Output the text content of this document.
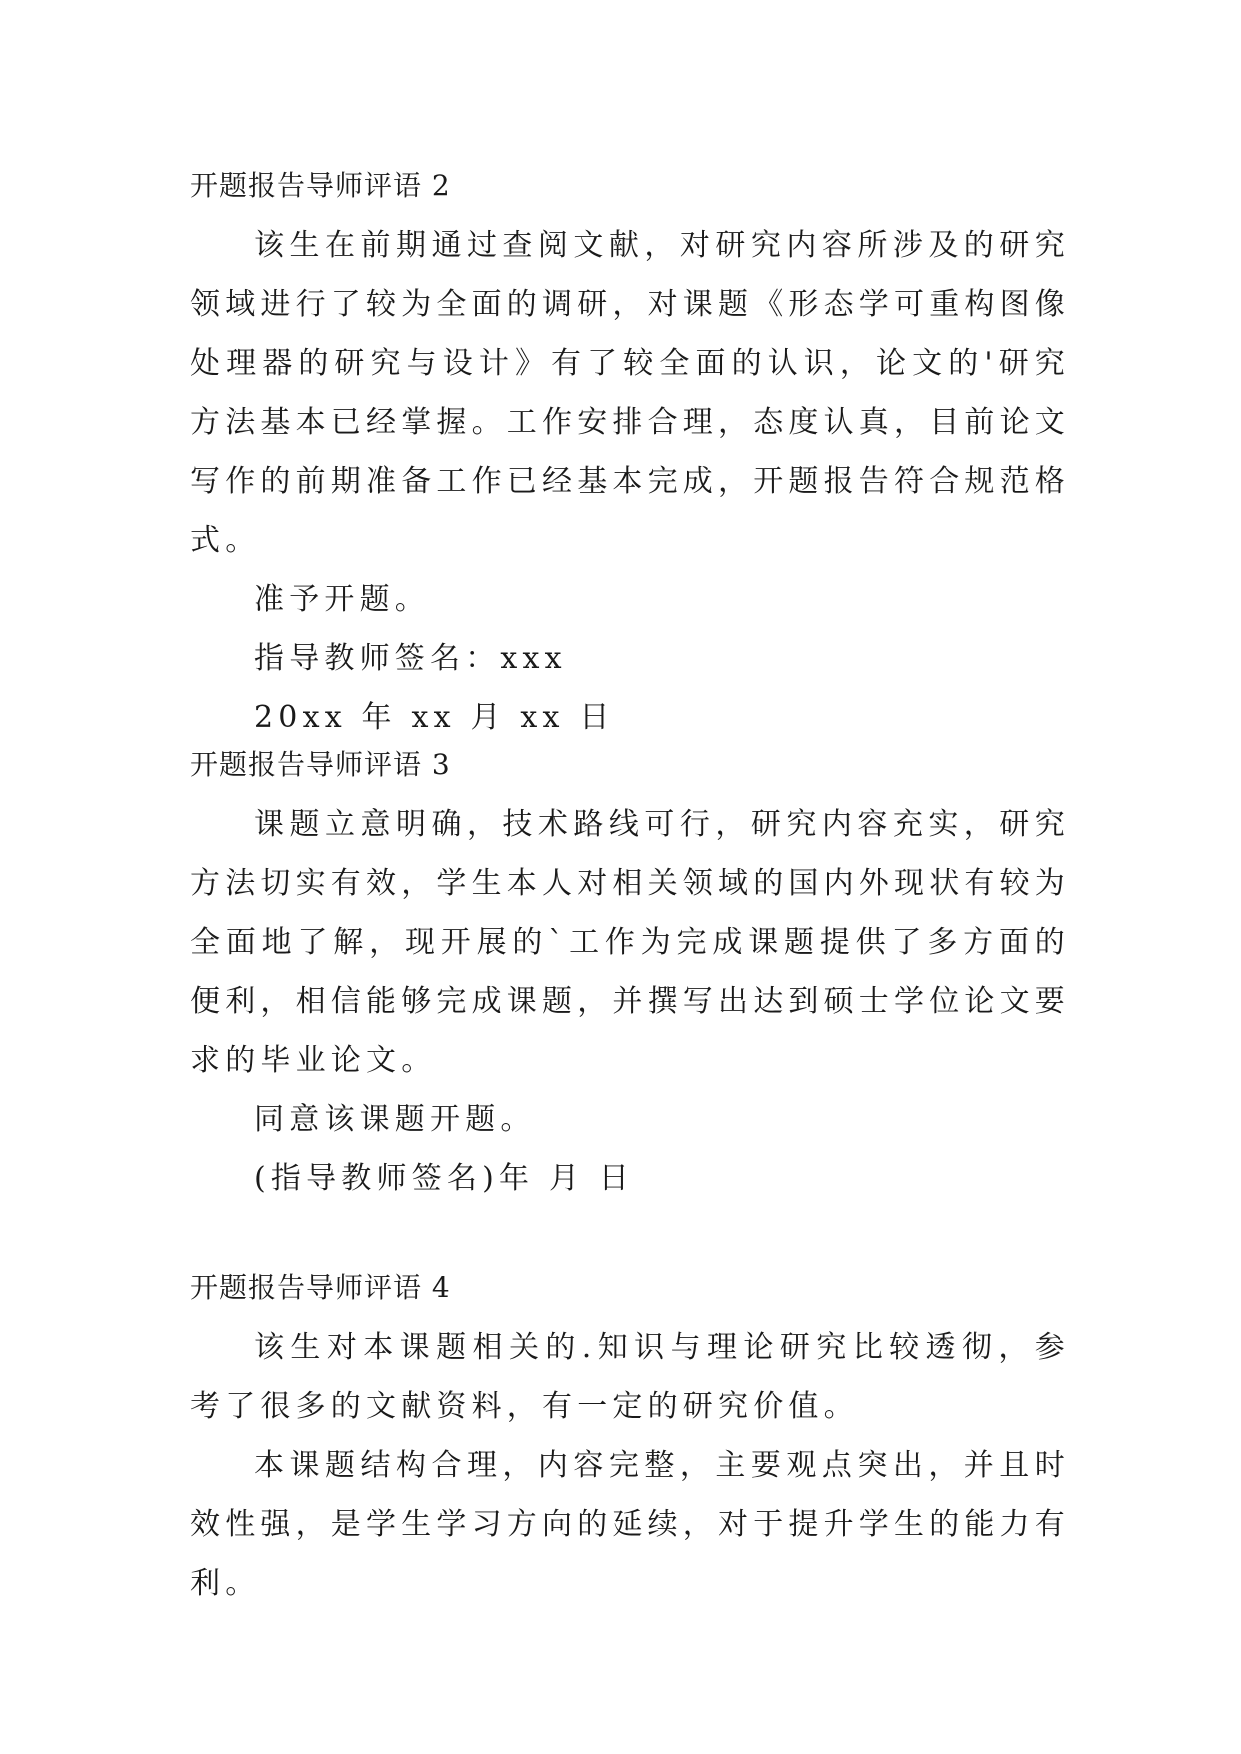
开题报告导师评语 2

该生在前期通过查阅文献，对研究内容所涉及的研究领域进行了较为全面的调研，对课题《形态学可重构图像处理器的研究与设计》有了较全面的认识，论文的'研究方法基本已经掌握。工作安排合理，态度认真，目前论文写作的前期准备工作已经基本完成，开题报告符合规范格式。

准予开题。

指导教师签名：xxx

20xx 年 xx 月 xx 日

开题报告导师评语 3

课题立意明确，技术路线可行，研究内容充实，研究方法切实有效，学生本人对相关领域的国内外现状有较为全面地了解，现开展的`工作为完成课题提供了多方面的便利，相信能够完成课题，并撰写出达到硕士学位论文要求的毕业论文。

同意该课题开题。

(指导教师签名)年 月 日

开题报告导师评语 4

该生对本课题相关的.知识与理论研究比较透彻，参考了很多的文献资料，有一定的研究价值。

本课题结构合理，内容完整，主要观点突出，并且时效性强，是学生学习方向的延续，对于提升学生的能力有利。
